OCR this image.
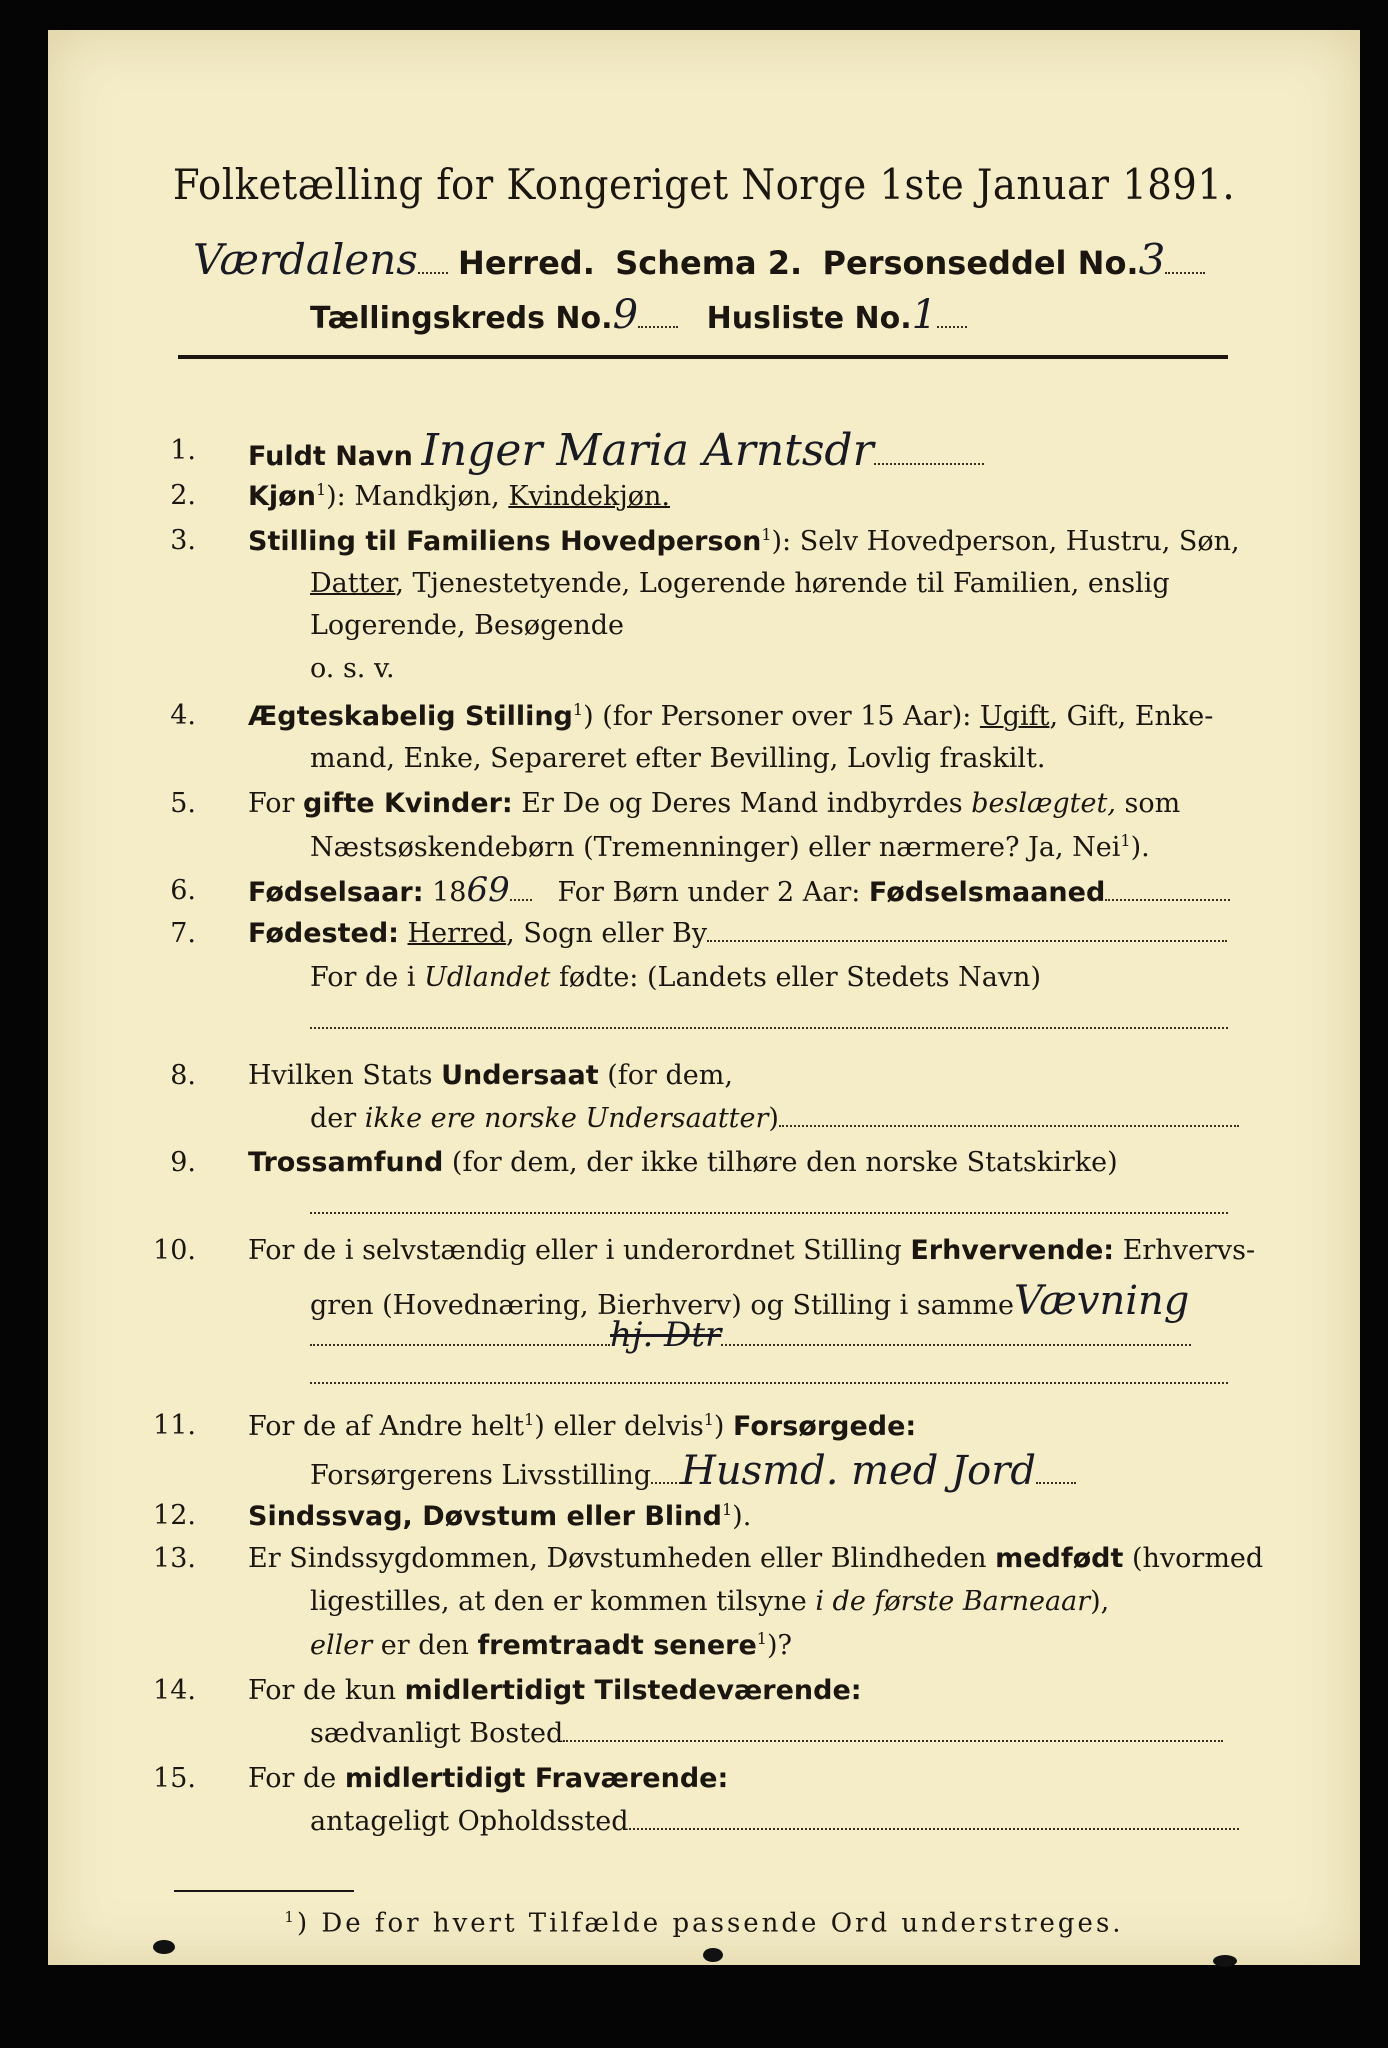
Folketælling for Kongeriget Norge 1ste Januar 1891.
Værdalens Herred. Schema 2. Personseddel No.3
Tællingskreds No.9 Husliste No.1
1. Fuldt Navn Inger Maria Arntsdr
2. Kjøn$^1$): Mandkjøn, Kvindekjøn.
3. Stilling til Familiens Hovedperson$^1$): Selv Hovedperson, Hustru, Søn,
Datter, Tjenestetyende, Logerende hørende til Familien, enslig
Logerende, Besøgende
o. s. v.
4. Ægteskabelig Stilling$^1$) (for Personer over 15 Aar): Ugift, Gift, Enke-
mand, Enke, Separeret efter Bevilling, Lovlig fraskilt.
5. For gifte Kvinder: Er De og Deres Mand indbyrdes beslægtet, som
Næstsøskendebørn (Tremenninger) eller nærmere? Ja, Nei$^1$).
6. Fødselsaar: 1869 For Børn under 2 Aar: Fødselsmaaned
7. Fødested: Herred, Sogn eller By
For de i Udlandet fødte: (Landets eller Stedets Navn)
8. Hvilken Stats Undersaat (for dem,
der ikke ere norske Undersaatter)
9. Trossamfund (for dem, der ikke tilhøre den norske Statskirke)
10. For de i selvstændig eller i underordnet Stilling Erhvervende: Erhvervs-
gren (Hovednæring, Bierhverv) og Stilling i sammeVævning
hj. Dtr
11. For de af Andre helt$^1$) eller delvis$^1$) Forsørgede:
Forsørgerens Livsstilling Husmd. med Jord
12. Sindssvag, Døvstum eller Blind$^1$).
13. Er Sindssygdommen, Døvstumheden eller Blindheden medfødt (hvormed
ligestilles, at den er kommen tilsyne i de første Barneaar),
eller er den fremtraadt senere$^1$)?
14. For de kun midlertidigt Tilstedeværende:
sædvanligt Bosted
15. For de midlertidigt Fraværende:
antageligt Opholdssted
$^1$) De for hvert Tilfælde passende Ord understreges.
